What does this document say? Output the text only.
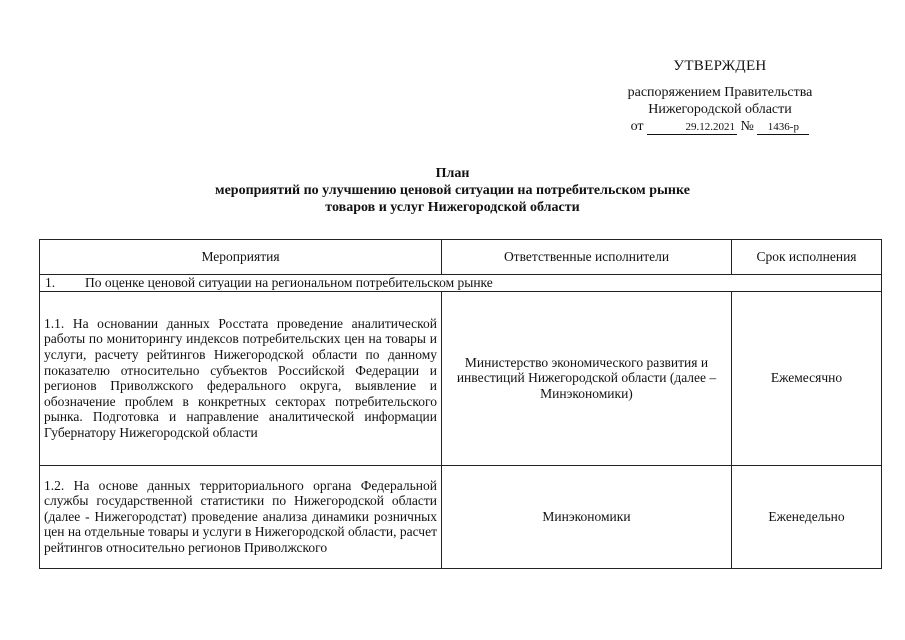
УТВЕРЖДЕН
распоряжением Правительства
Нижегородской области
от	29.12.2021 № 1436-р
План
мероприятий по улучшению ценовой ситуации на потребительском рынке
товаров и услуг Нижегородской области
Мероприятия	Ответственные исполнители	Срок исполнения
1. По оценке ценовой ситуации на региональном потребительском рынке		
1.1. На основании данных Росстата проведение аналитической работы по мониторингу индексов потребительских цен на товары и услуги, расчету рейтингов Нижегородской области по данному показателю относительно субъектов Российской Федерации и регионов Приволжского федерального округа, выявление и обозначение проблем в конкретных секторах потребительского рынка. Подготовка и направление аналитической информации Губернатору Нижегородской области	Министерство экономического развития и инвестиций Нижегородской области (далее – Минэкономики)	Ежемесячно
1.2. На основе данных территориального органа Федеральной службы государственной статистики по Нижегородской области (далее - Нижегородстат) проведение анализа динамики розничных цен на отдельные товары и услуги в Нижегородской области, расчет рейтингов относительно регионов Приволжского	Минэкономики	Еженедельно
